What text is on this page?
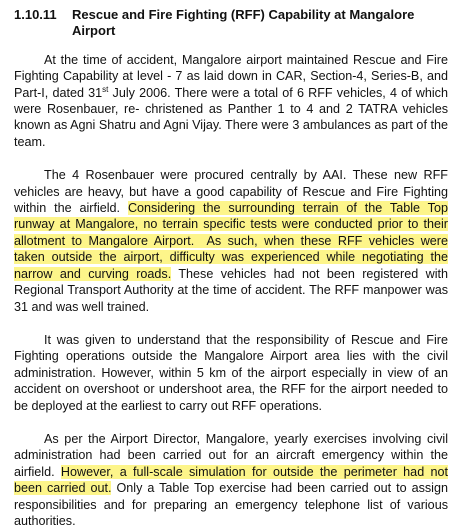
1.10.11	Rescue and Fire Fighting (RFF) Capability at Mangalore Airport

At the time of accident, Mangalore airport maintained Rescue and Fire Fighting Capability at level - 7 as laid down in CAR, Section-4, Series-B, and Part-I, dated 31st July 2006. There were a total of 6 RFF vehicles, 4 of which were Rosenbauer, re- christened as Panther 1 to 4 and 2 TATRA vehicles known as Agni Shatru and Agni Vijay. There were 3 ambulances as part of the team.

The 4 Rosenbauer were procured centrally by AAI. These new RFF vehicles are heavy, but have a good capability of Rescue and Fire Fighting within the airfield. Considering the surrounding terrain of the Table Top runway at Mangalore, no terrain specific tests were conducted prior to their allotment to Mangalore Airport. As such, when these RFF vehicles were taken outside the airport, difficulty was experienced while negotiating the narrow and curving roads. These vehicles had not been registered with Regional Transport Authority at the time of accident. The RFF manpower was 31 and was well trained.

It was given to understand that the responsibility of Rescue and Fire Fighting operations outside the Mangalore Airport area lies with the civil administration. However, within 5 km of the airport especially in view of an accident on overshoot or undershoot area, the RFF for the airport needed to be deployed at the earliest to carry out RFF operations.

As per the Airport Director, Mangalore, yearly exercises involving civil administration had been carried out for an aircraft emergency within the airfield. However, a full-scale simulation for outside the perimeter had not been carried out. Only a Table Top exercise had been carried out to assign responsibilities and for preparing an emergency telephone list of various authorities.
